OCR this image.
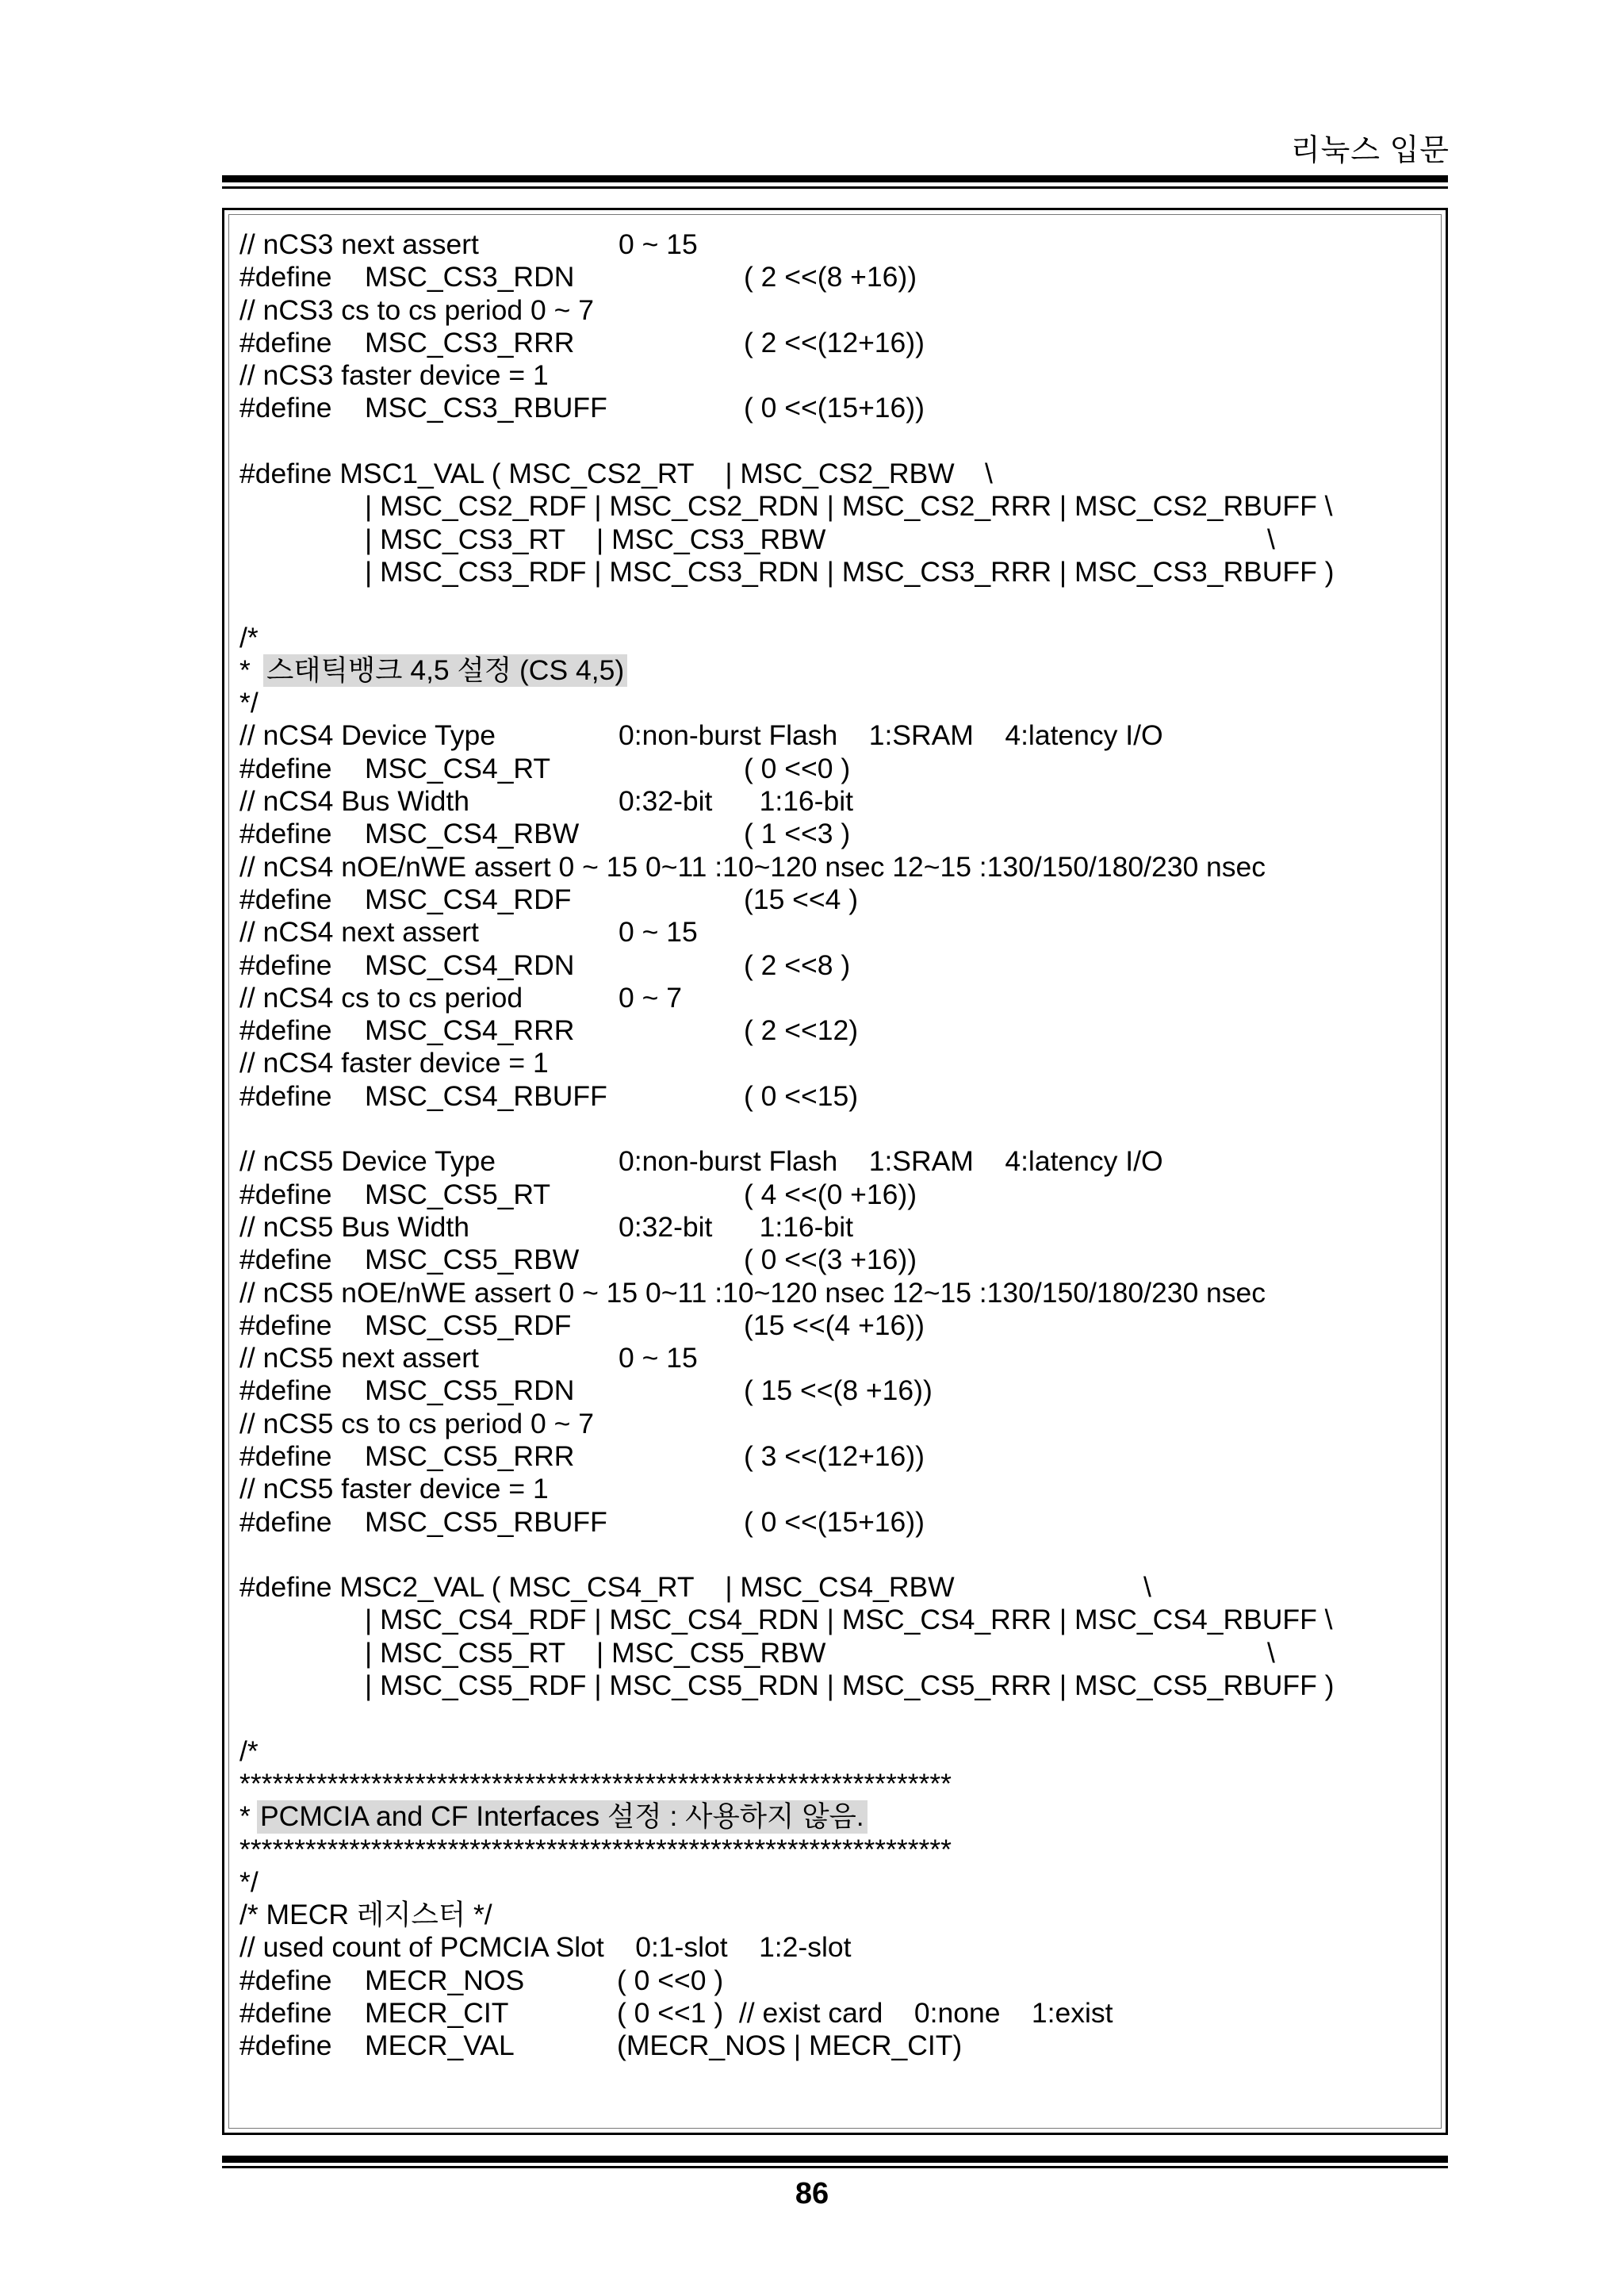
리눅스 입문
// nCS3 next assert	0 ~ 15
#define MSC_CS3_RDN	( 2 <<(8 +16))
// nCS3 cs to cs period 0 ~ 7
#define MSC_CS3_RRR	( 2 <<(12+16))
// nCS3 faster device = 1
#define MSC_CS3_RBUFF	( 0 <<(15+16))
#define MSC1_VAL ( MSC_CS2_RT    | MSC_CS2_RBW \
| MSC_CS2_RDF | MSC_CS2_RDN | MSC_CS2_RRR | MSC_CS2_RBUFF \
| MSC_CS3_RT    | MSC_CS3_RBW	\
| MSC_CS3_RDF | MSC_CS3_RDN | MSC_CS3_RRR | MSC_CS3_RBUFF )
/*
* 스태틱뱅크 4,5 설정 (CS 4,5)
*/
// nCS4 Device Type	0:non-burst Flash    1:SRAM    4:latency I/O
#define MSC_CS4_RT	( 0 <<0 )
// nCS4 Bus Width	0:32-bit      1:16-bit
#define MSC_CS4_RBW	( 1 <<3 )
// nCS4 nOE/nWE assert 0 ~ 15 0~11 :10~120 nsec 12~15 :130/150/180/230 nsec
#define MSC_CS4_RDF	(15 <<4 )
// nCS4 next assert	0 ~ 15
#define MSC_CS4_RDN	( 2 <<8 )
// nCS4 cs to cs period	0 ~ 7
#define MSC_CS4_RRR	( 2 <<12)
// nCS4 faster device = 1
#define MSC_CS4_RBUFF	( 0 <<15)
// nCS5 Device Type	0:non-burst Flash    1:SRAM    4:latency I/O
#define MSC_CS5_RT	( 4 <<(0 +16))
// nCS5 Bus Width	0:32-bit      1:16-bit
#define MSC_CS5_RBW	( 0 <<(3 +16))
// nCS5 nOE/nWE assert 0 ~ 15 0~11 :10~120 nsec 12~15 :130/150/180/230 nsec
#define MSC_CS5_RDF	(15 <<(4 +16))
// nCS5 next assert	0 ~ 15
#define MSC_CS5_RDN	( 15 <<(8 +16))
// nCS5 cs to cs period 0 ~ 7
#define MSC_CS5_RRR	( 3 <<(12+16))
// nCS5 faster device = 1
#define MSC_CS5_RBUFF	( 0 <<(15+16))
#define MSC2_VAL ( MSC_CS4_RT    | MSC_CS4_RBW	\
| MSC_CS4_RDF | MSC_CS4_RDN | MSC_CS4_RRR | MSC_CS4_RBUFF \
| MSC_CS5_RT    | MSC_CS5_RBW	\
| MSC_CS5_RDF | MSC_CS5_RDN | MSC_CS5_RRR | MSC_CS5_RBUFF )
/*
*****************************************************************
* PCMCIA and CF Interfaces 설정 : 사용하지 않음.
*****************************************************************
*/
/* MECR 레지스터 */
// used count of PCMCIA Slot    0:1-slot    1:2-slot
#define MECR_NOS	( 0 <<0 )
#define MECR_CIT	( 0 <<1 )  // exist card    0:none    1:exist
#define MECR_VAL	(MECR_NOS | MECR_CIT)
86
